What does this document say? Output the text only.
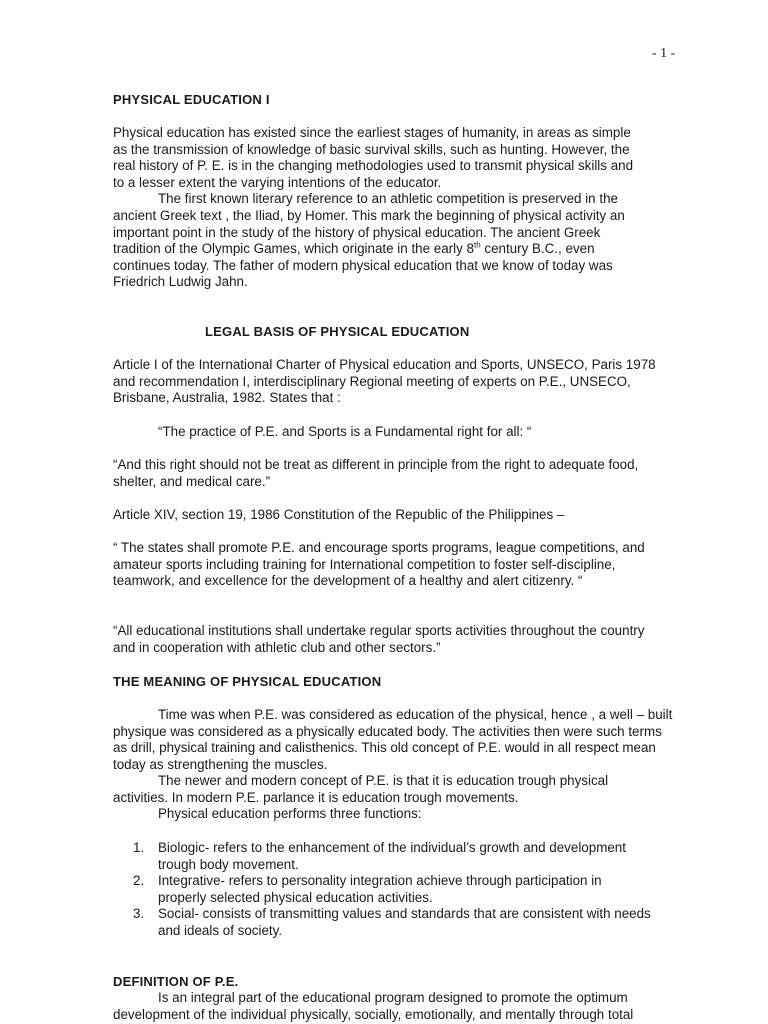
- 1 -
PHYSICAL EDUCATION I
Physical education has existed since the earliest stages of humanity, in areas as simple
as the transmission of knowledge of basic survival skills, such as hunting. However, the
real history of P. E. is in the changing methodologies used to transmit physical skills and
to a lesser extent the varying intentions of the educator.
The first known literary reference to an athletic competition is preserved in the
ancient Greek text , the Iliad, by Homer. This mark the beginning of physical activity an
important point in the study of the history of physical education. The ancient Greek
tradition of the Olympic Games, which originate in the early 8th century B.C., even
continues today. The father of modern physical education that we know of today was
Friedrich Ludwig Jahn.
LEGAL BASIS OF PHYSICAL EDUCATION

Article I of the International Charter of Physical education and Sports, UNSECO, Paris 1978 and recommendation I, interdisciplinary Regional meeting of experts on P.E., UNSECO, Brisbane, Australia, 1982. States that :

“The practice of P.E. and Sports is a Fundamental right for all: “

“And this right should not be treat as different in principle from the right to adequate food, shelter, and medical care.”

Article XIV, section 19, 1986 Constitution of the Republic of the Philippines –

“ The states shall promote P.E. and encourage sports programs, league competitions, and amateur sports including training for International competition to foster self-discipline, teamwork, and excellence for the development of a healthy and alert citizenry. “

“All educational institutions shall undertake regular sports activities throughout the country and in cooperation with athletic club and other sectors.”

THE MEANING OF PHYSICAL EDUCATION

Time was when P.E. was considered as education of the physical, hence , a well – built physique was considered as a physically educated body. The activities then were such terms as drill, physical training and calisthenics. This old concept of P.E. would in all respect mean today as strengthening the muscles.

The newer and modern concept of P.E. is that it is education trough physical activities. In modern P.E. parlance it is education trough movements.

Physical education performs three functions:

1. Biologic- refers to the enhancement of the individual’s growth and development trough body movement.
2. Integrative- refers to personality integration achieve through participation in properly selected physical education activities.
3. Social- consists of transmitting values and standards that are consistent with needs and ideals of society.
DEFINITION OF P.E.
Is an integral part of the educational program designed to promote the optimum
development of the individual physically, socially, emotionally, and mentally through total
